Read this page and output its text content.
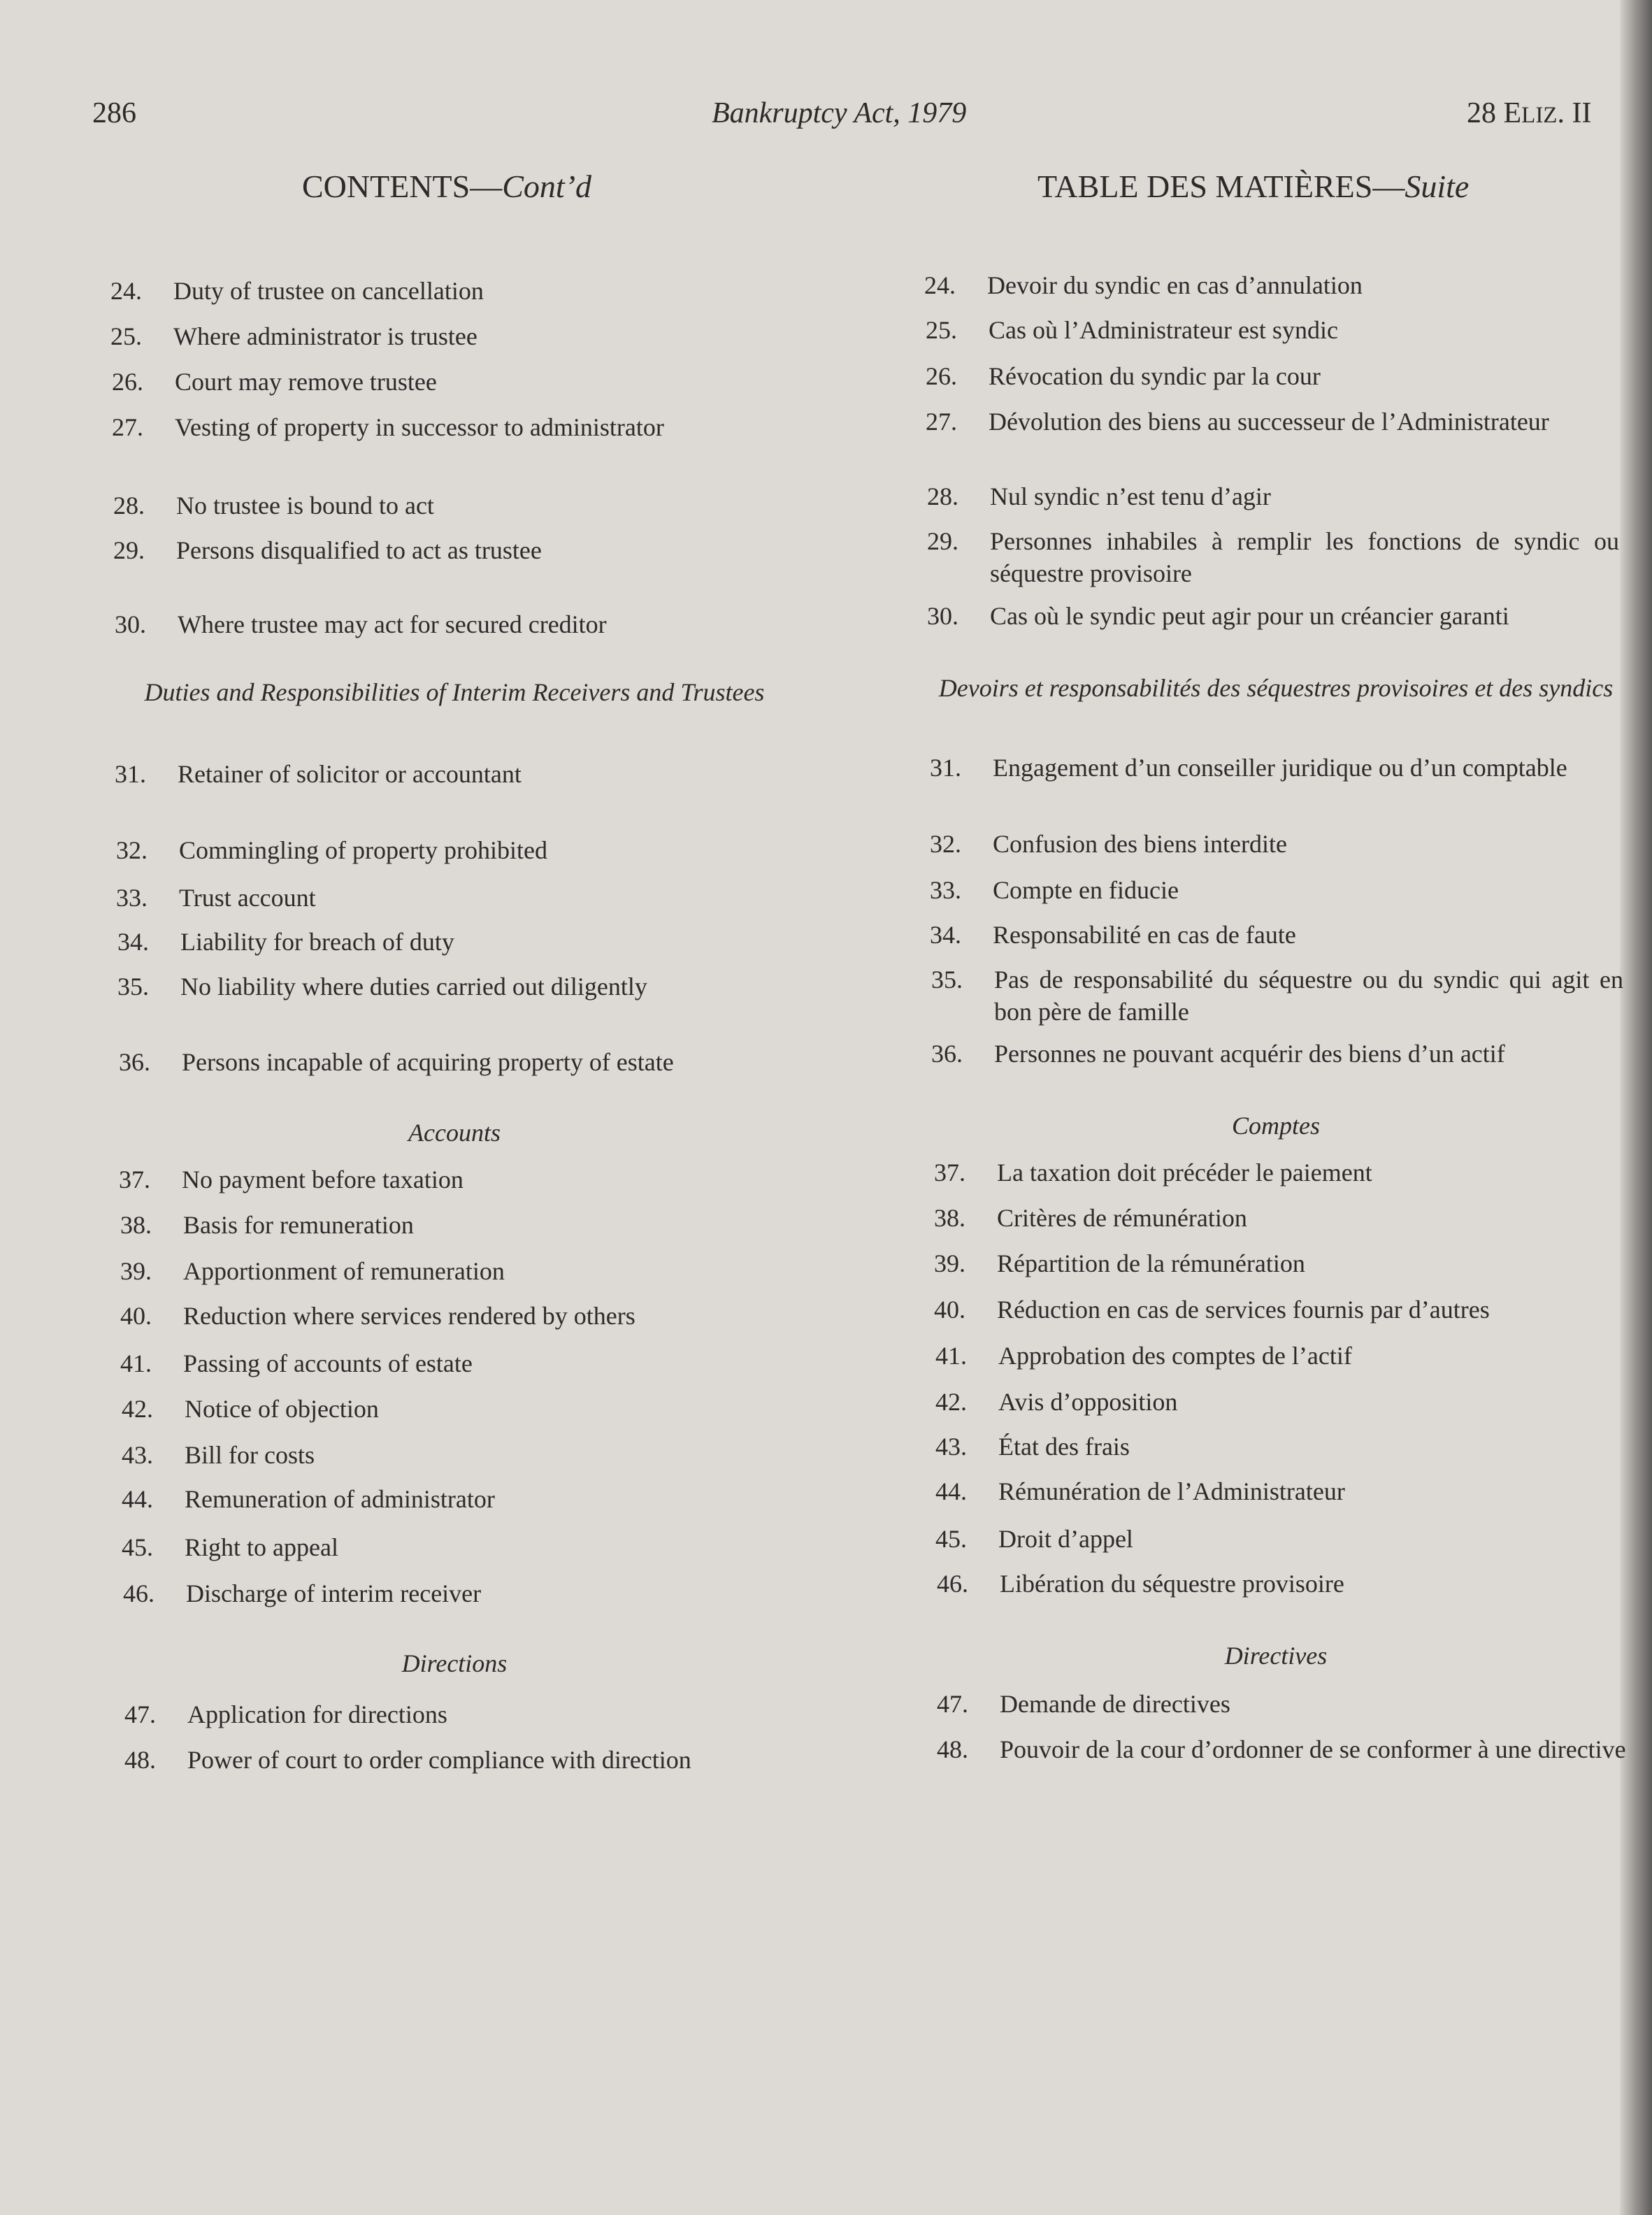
286	Bankruptcy Act, 1979	28 ELIZ. II
CONTENTS—Cont’d	TABLE DES MATIÈRES—Suite
24. Duty of trustee on cancellation
25. Where administrator is trustee
26. Court may remove trustee
27. Vesting of property in successor to administrator
28. No trustee is bound to act
29. Persons disqualified to act as trustee
30. Where trustee may act for secured creditor
31. Retainer of solicitor or accountant
32. Commingling of property prohibited
33. Trust account
34. Liability for breach of duty
35. No liability where duties carried out diligently
36. Persons incapable of acquiring property of estate
37. No payment before taxation
38. Basis for remuneration
39. Apportionment of remuneration
40. Reduction where services rendered by others
41. Passing of accounts of estate
42. Notice of objection
43. Bill for costs
44. Remuneration of administrator
45. Right to appeal
46. Discharge of interim receiver
47. Application for directions
48. Power of court to order compliance with direction
Duties and Responsibilities of Interim Receivers and Trustees
Accounts
Directions
24. Devoir du syndic en cas d’annulation
25. Cas où l’Administrateur est syndic
26. Révocation du syndic par la cour
27. Dévolution des biens au successeur de l’Administrateur
28. Nul syndic n’est tenu d’agir
29. Personnes inhabiles à remplir les fonctions de syndic ou séquestre provisoire
30. Cas où le syndic peut agir pour un créancier garanti
31. Engagement d’un conseiller juridique ou d’un comptable
32. Confusion des biens interdite
33. Compte en fiducie
34. Responsabilité en cas de faute
35. Pas de responsabilité du séquestre ou du syndic qui agit en bon père de famille
36. Personnes ne pouvant acquérir des biens d’un actif
37. La taxation doit précéder le paiement
38. Critères de rémunération
39. Répartition de la rémunération
40. Réduction en cas de services fournis par d’autres
41. Approbation des comptes de l’actif
42. Avis d’opposition
43. État des frais
44. Rémunération de l’Administrateur
45. Droit d’appel
46. Libération du séquestre provisoire
47. Demande de directives
48. Pouvoir de la cour d’ordonner de se conformer à une directive
Devoirs et responsabilités des séquestres provisoires et des syndics
Comptes
Directives
